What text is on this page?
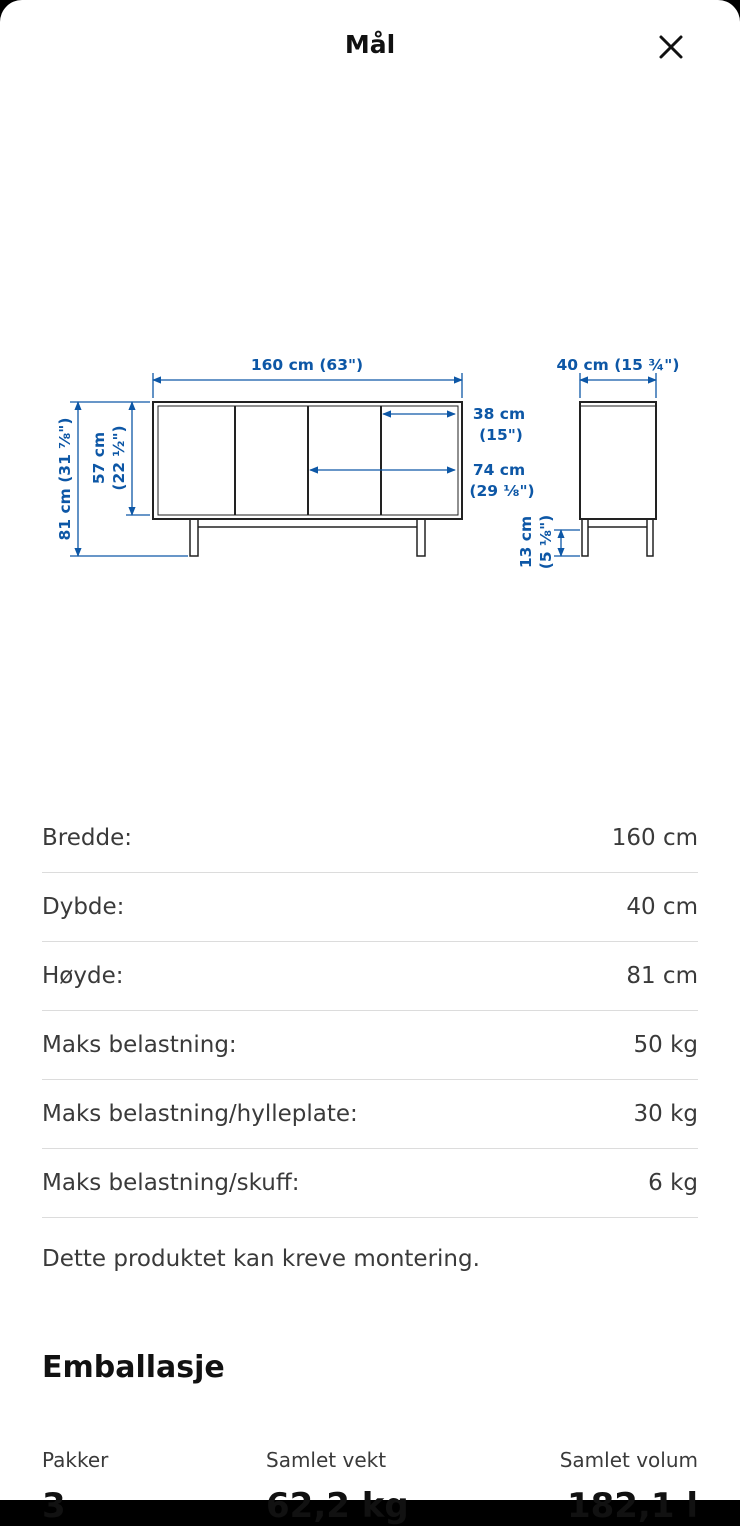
Mål
160 cm (63")	40 cm (15 ¾")
81 cm (31 ⅞") 57 cm (22 ½")
38 cm
(15")
74 cm
(29 ⅛")
13 cm (5 ⅛")
Bredde:	160 cm
Dybde:	40 cm
Høyde:	81 cm
Maks belastning:	50 kg
Maks belastning/hylleplate:	30 kg
Maks belastning/skuff:	6 kg
Dette produktet kan kreve montering.
Emballasje
Pakker	Samlet vekt	Samlet volum
3	62,2 kg	182,1 l
